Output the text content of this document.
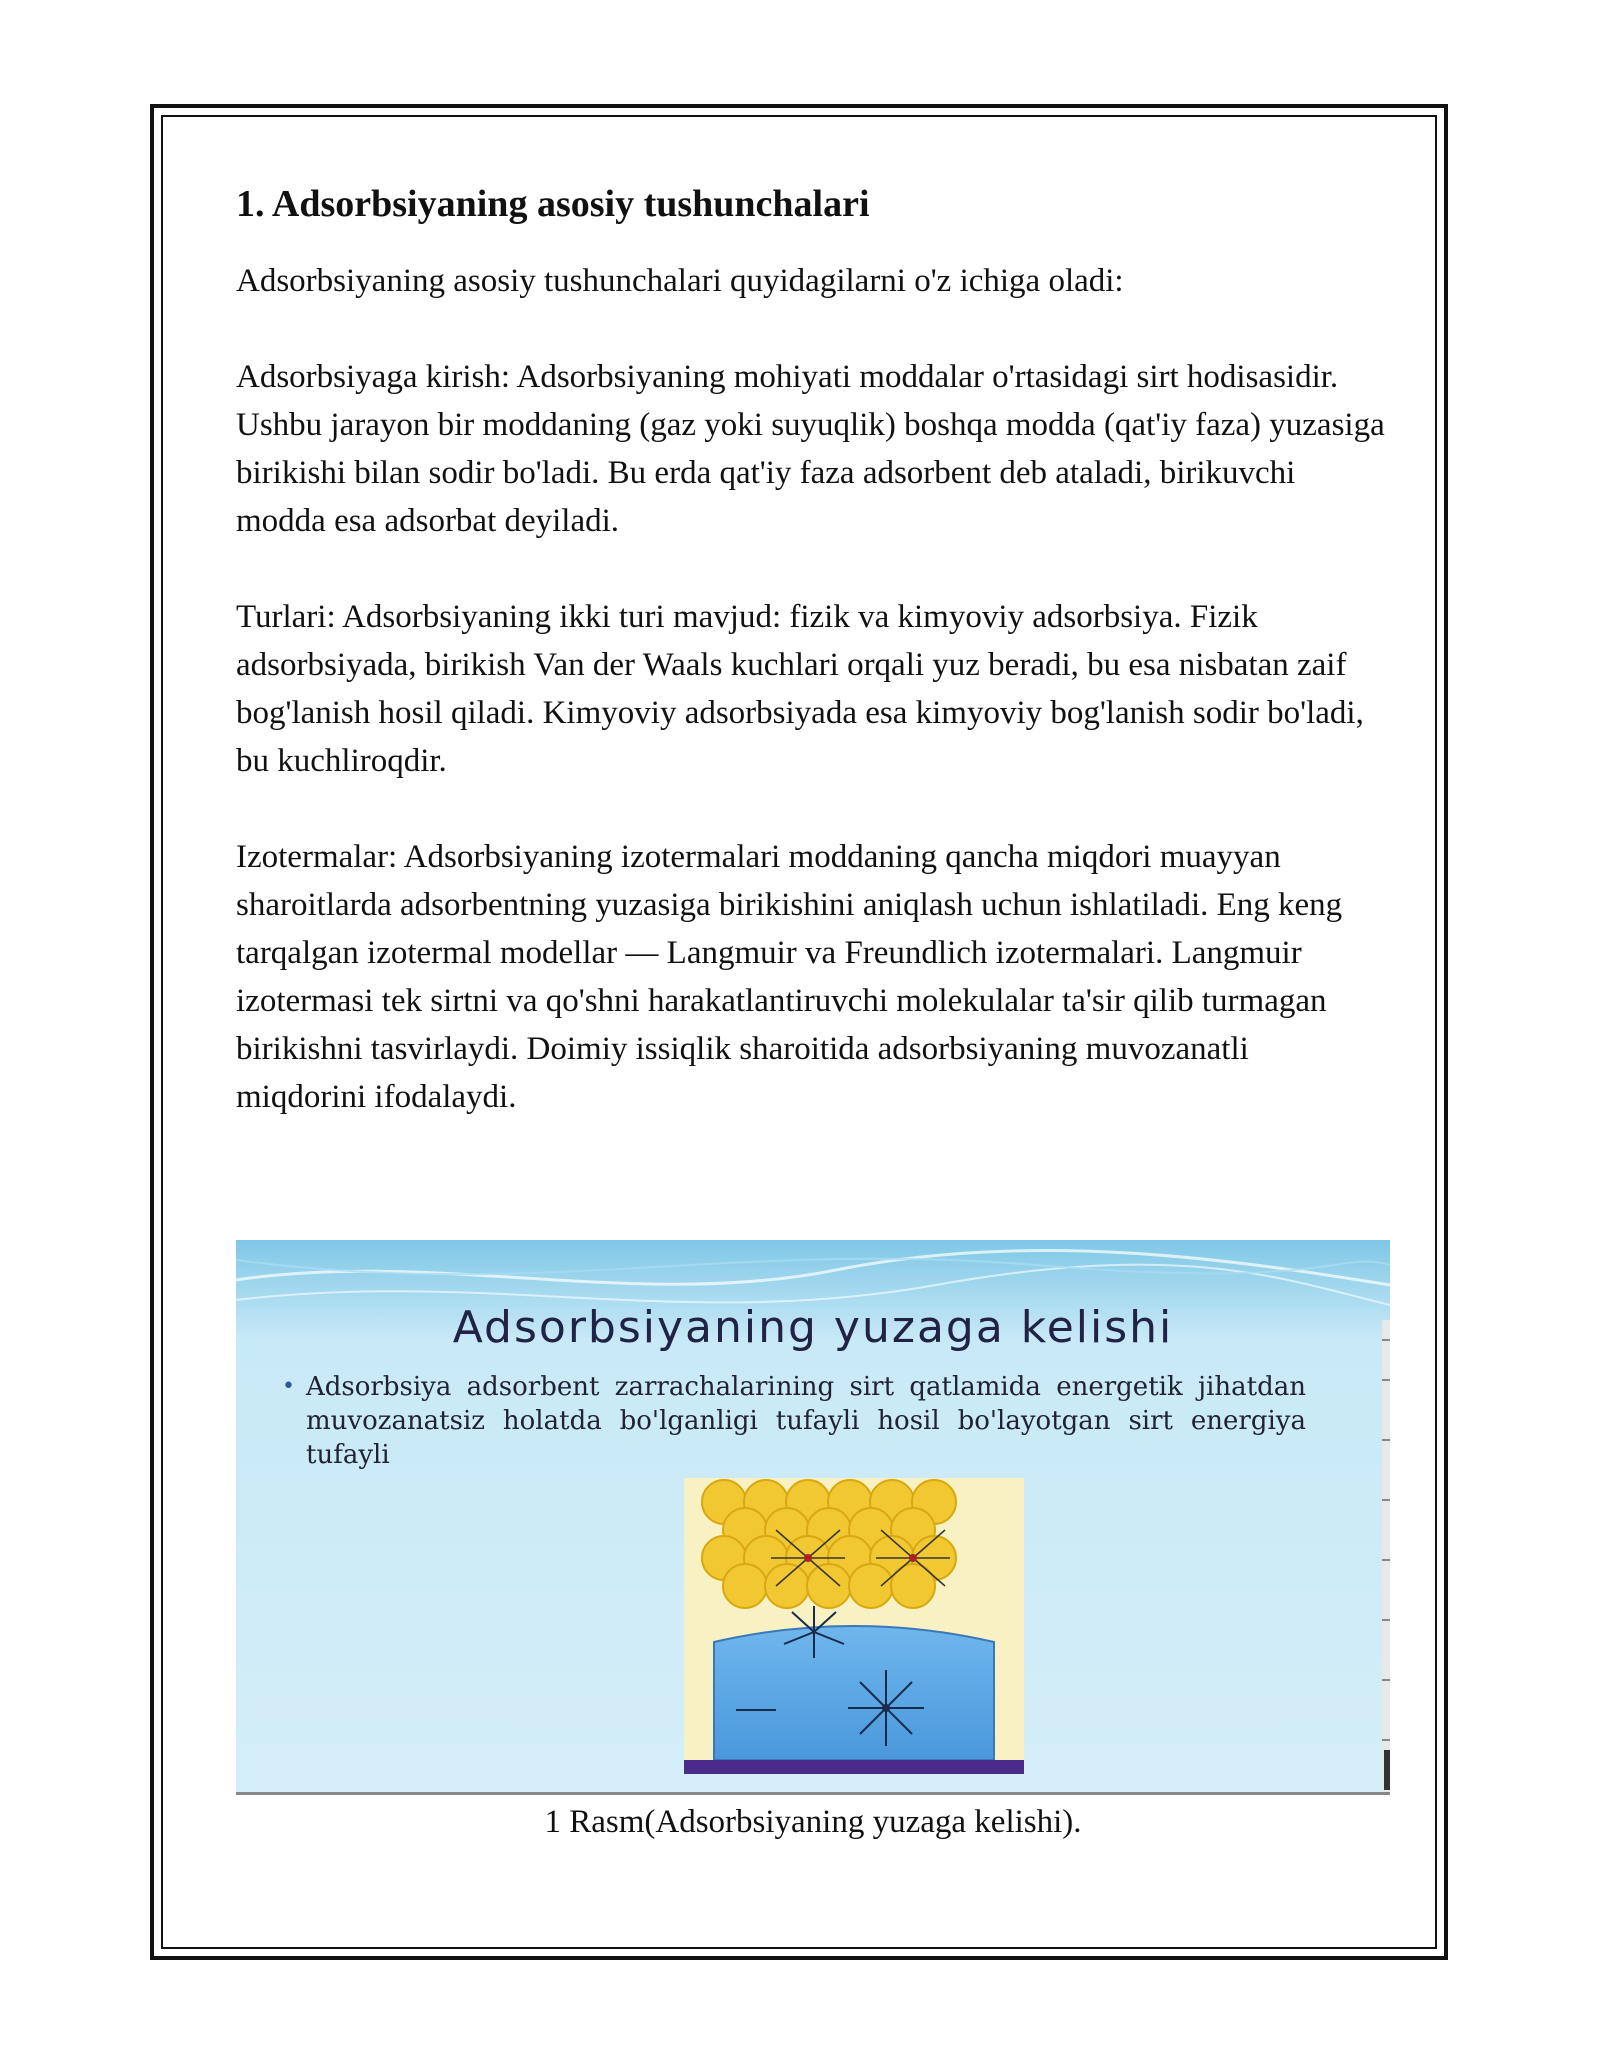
1. Adsorbsiyaning asosiy tushunchalari

Adsorbsiyaning asosiy tushunchalari quyidagilarni o'z ichiga oladi:

Adsorbsiyaga kirish: Adsorbsiyaning mohiyati moddalar o'rtasidagi sirt hodisasidir. Ushbu jarayon bir moddaning (gaz yoki suyuqlik) boshqa modda (qat'iy faza) yuzasiga birikishi bilan sodir bo'ladi. Bu erda qat'iy faza adsorbent deb ataladi, birikuvchi modda esa adsorbat deyiladi.

Turlari: Adsorbsiyaning ikki turi mavjud: fizik va kimyoviy adsorbsiya. Fizik adsorbsiyada, birikish Van der Waals kuchlari orqali yuz beradi, bu esa nisbatan zaif bog'lanish hosil qiladi. Kimyoviy adsorbsiyada esa kimyoviy bog'lanish sodir bo'ladi, bu kuchliroqdir.

Izotermalar: Adsorbsiyaning izotermalari moddaning qancha miqdori muayyan sharoitlarda adsorbentning yuzasiga birikishini aniqlash uchun ishlatiladi. Eng keng tarqalgan izotermal modellar — Langmuir va Freundlich izotermalari. Langmuir izotermasi tek sirtni va qo'shni harakatlantiruvchi molekulalar ta'sir qilib turmagan birikishni tasvirlaydi. Doimiy issiqlik sharoitida adsorbsiyaning muvozanatli miqdorini ifodalaydi.

Adsorbsiyaning yuzaga kelishi
• Adsorbsiya adsorbent zarrachalarining sirt qatlamida energetik jihatdan muvozanatsiz holatda bo'lganligi tufayli hosil bo'layotgan sirt energiya tufayli
1 Rasm(Adsorbsiyaning yuzaga kelishi).
